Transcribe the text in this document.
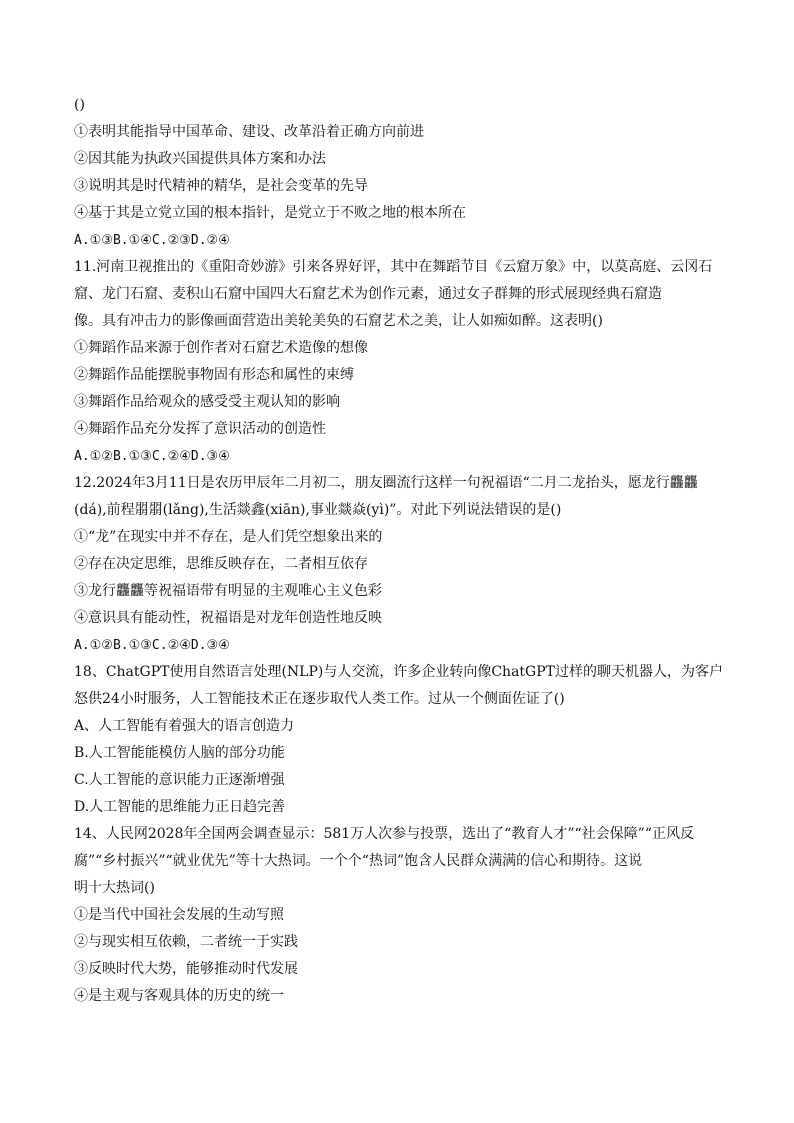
()
①表明其能指导中国革命、建设、改革沿着正确方向前进
②因其能为执政兴国提供具体方案和办法
③说明其是时代精神的精华，是社会变革的先导
④基于其是立党立国的根本指针，是党立于不败之地的根本所在
A.①③B.①④C.②③D.②④
11.河南卫视推出的《重阳奇妙游》引来各界好评，其中在舞蹈节目《云窟万象》中，以莫高庭、云冈石
窟、龙门石窟、麦积山石窟中国四大石窟艺术为创作元素，通过女子群舞的形式展现经典石窟造
像。具有冲击力的影像画面营造出美轮美奂的石窟艺术之美，让人如痴如醉。这表明()
①舞蹈作品来源于创作者对石窟艺术造像的想像
②舞蹈作品能摆脱事物固有形态和属性的束缚
③舞蹈作品给观众的感受受主观认知的影响
④舞蹈作品充分发挥了意识活动的创造性
A.①②B.①③C.②④D.③④
12.2024年3月11日是农历甲辰年二月初二，朋友圈流行这样一句祝福语“二月二龙抬头，愿龙行龘龘
(dá),前程朤朤(lǎng),生活燚鑫(xiān),事业燚焱(yì)”。对此下列说法错误的是()
①“龙”在现实中并不存在，是人们凭空想象出来的
②存在决定思维，思维反映存在，二者相互依存
③龙行龘龘等祝福语带有明显的主观唯心主义色彩
④意识具有能动性，祝福语是对龙年创造性地反映
A.①②B.①③C.②④D.③④
18、ChatGPT使用自然语言处理(NLP)与人交流，许多企业转向像ChatGPT过样的聊天机器人，为客户
怒供24小时服务，人工智能技术正在逐步取代人类工作。过从一个侧面佐证了()
A、人工智能有着强大的语言创造力
B.人工智能能模仿人脑的部分功能
C.人工智能的意识能力正逐渐增强
D.人工智能的思维能力正日趋完善
14、人民网2028年全国两会调查显示：581万人次参与投票，选出了“教育人才”“社会保障”“正风反
腐”“乡村振兴”“就业优先”等十大热词。一个个“热词”饱含人民群众满满的信心和期待。这说
明十大热词()
①是当代中国社会发展的生动写照
②与现实相互依赖，二者统一于实践
③反映时代大势，能够推动时代发展
④是主观与客观具体的历史的统一
